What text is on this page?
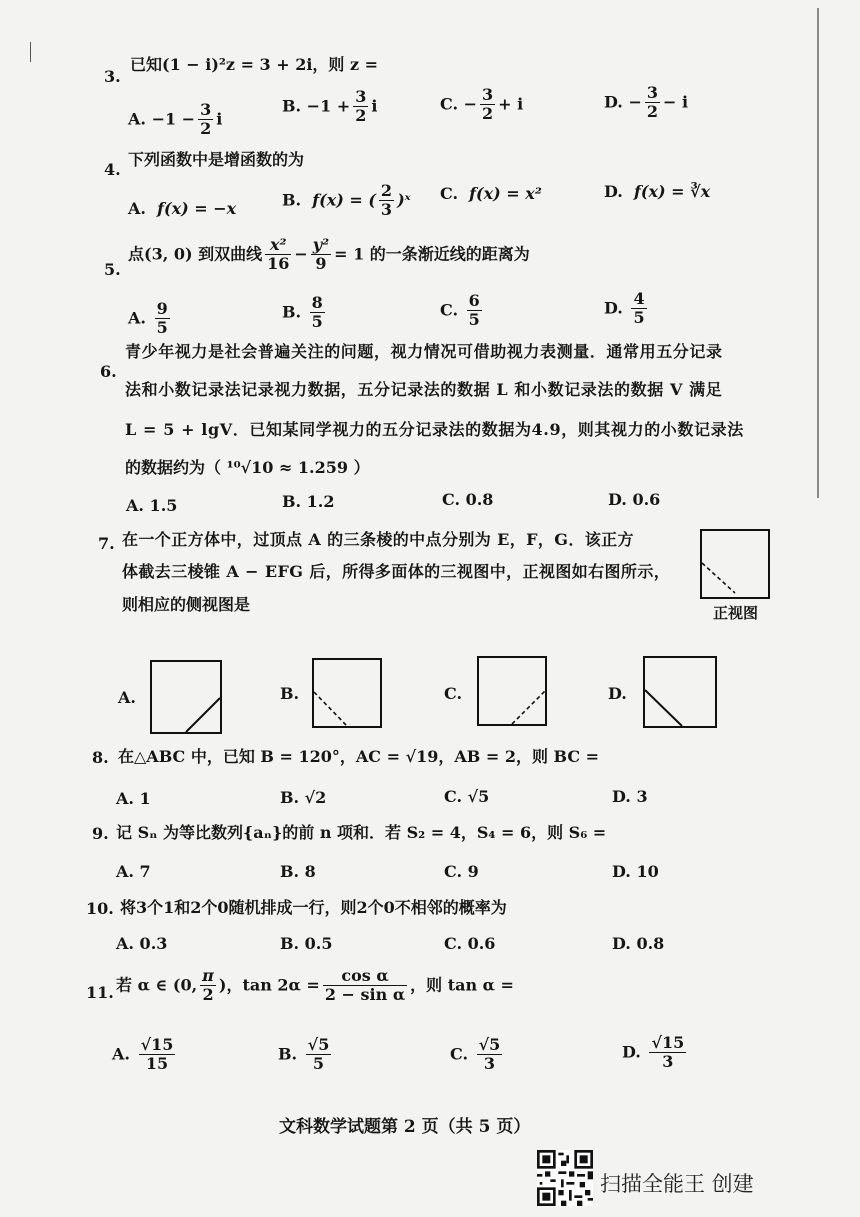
3.
已知(1 − i)²z = 3 + 2i，则 z =
A. $-1 - \frac{3}{2}$ i
B. $-1 + \frac{3}{2}$ i	C. − $\frac{3}{2} + i$	D. − $\frac{3}{2} - i$
4.
下列函数中是增函数的为
A. f(x) = −x	B. f(x) = ( $\frac{2}{3}$ )ˣ C. f(x) = x²	D. f(x) = ∛x
5.
点(3, 0) 到双曲线 $\frac{\text{x²}}{16} - \frac{\text{y²}}{9} = 1$ 的一条渐近线的距离为
A. $\frac{9}{5}$	B. $\frac{8}{5}$	C. $\frac{6}{5}$	D. $\frac{4}{5}$
6.
青少年视力是社会普遍关注的问题，视力情况可借助视力表测量．通常用五分记录
法和小数记录法记录视力数据，五分记录法的数据 L 和小数记录法的数据 V 满足
L = 5 + lgV．已知某同学视力的五分记录法的数据为4.9，则其视力的小数记录法
的数据约为（ ¹⁰√10 ≈ 1.259 ）
A. 1.5	B. 1.2	C. 0.8	D. 0.6
7. 在一个正方体中，过顶点 A 的三条棱的中点分别为 E，F，G．该正方
体截去三棱锥 A − EFG 后，所得多面体的三视图中，正视图如右图所示，
则相应的侧视图是	正视图
A.	B.	C.	D.
8. 在△ABC 中，已知 B = 120°，AC = √19，AB = 2，则 BC =
A. 1	B. √2	C. √5	D. 3
9. 记 Sₙ 为等比数列{aₙ}的前 n 项和．若 S₂ = 4，S₄ = 6，则 S₆ =
A. 7	B. 8	C. 9	D. 10
10. 将3个1和2个0随机排成一行，则2个0不相邻的概率为
A. 0.3	B. 0.5	C. 0.6	D. 0.8
11. 若 α ∈ (0, $\frac{\pi}{2}$ )，$\tan 2\alpha = \frac{\text{cos α}}{\text{2 − sin α}}$ ，则 tan α =
A. $\frac{√15}{15}$	B. $\frac{√5}{5}$	C. $\frac{√5}{3}$	D. $\frac{√15}{3}$
文科数学试题第 2 页（共 5 页）
扫描全能王 创建
